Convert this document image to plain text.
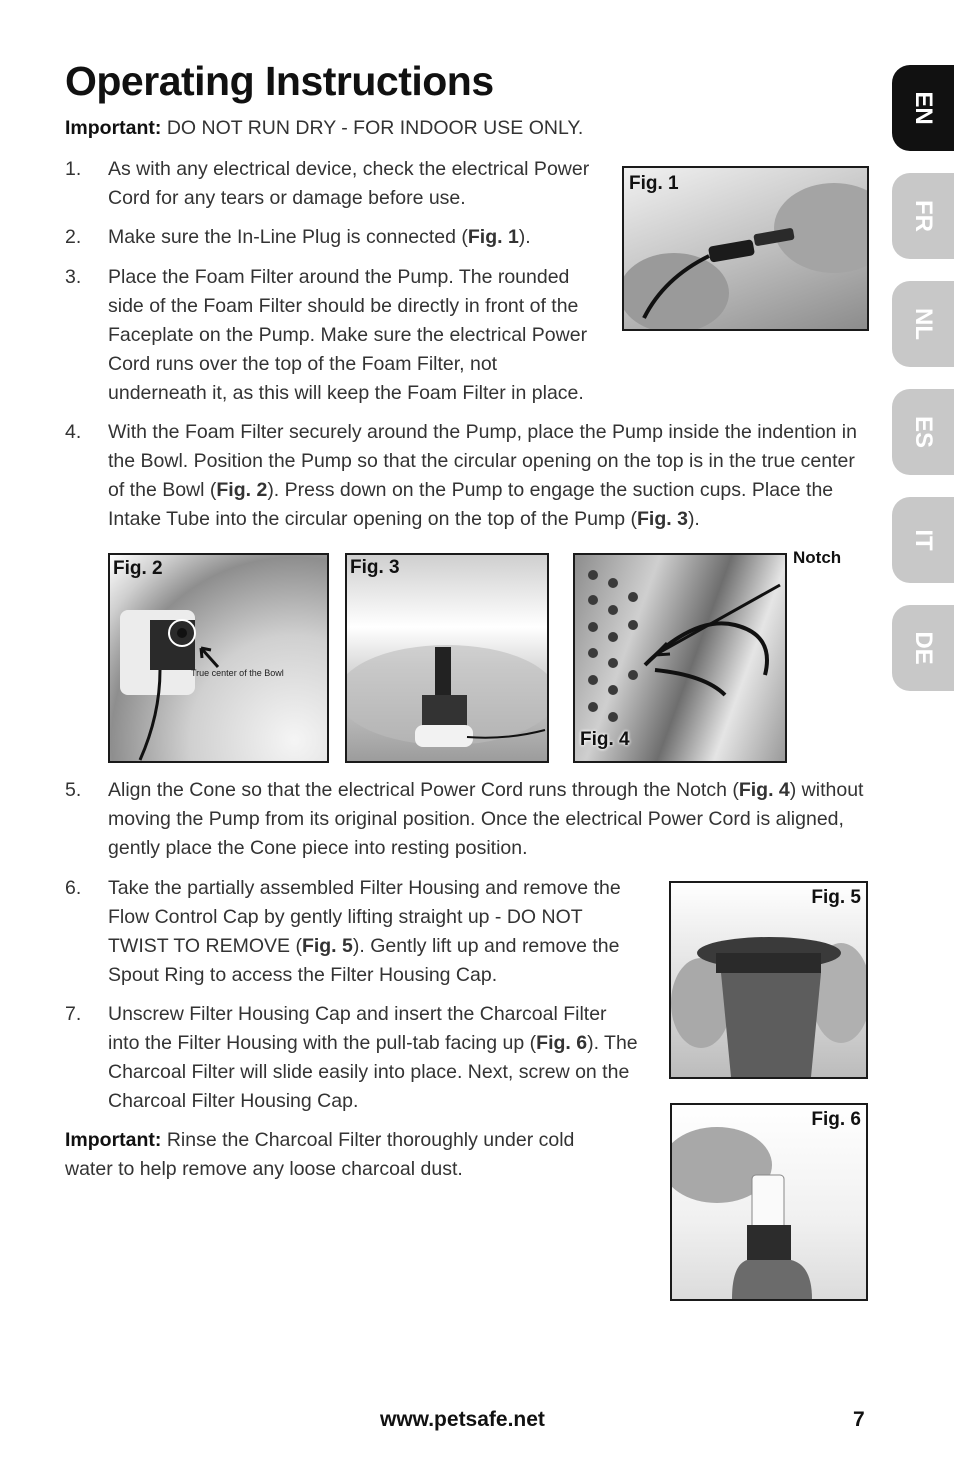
Operating Instructions
Important: DO NOT RUN DRY - FOR INDOOR USE ONLY.
1. As with any electrical device, check the electrical Power Cord for any tears or damage before use.
2. Make sure the In-Line Plug is connected (Fig. 1).
3. Place the Foam Filter around the Pump. The rounded side of the Foam Filter should be directly in front of the Faceplate on the Pump. Make sure the electrical Power Cord runs over the top of the Foam Filter, not underneath it, as this will keep the Foam Filter in place.
Fig. 1
4. With the Foam Filter securely around the Pump, place the Pump inside the indention in the Bowl. Position the Pump so that the circular opening on the top is in the true center of the Bowl (Fig. 2). Press down on the Pump to engage the suction cups. Place the Intake Tube into the circular opening on the top of the Pump (Fig. 3).
Fig. 2
True center of the Bowl
Fig. 3
Fig. 4
Notch
5. Align the Cone so that the electrical Power Cord runs through the Notch (Fig. 4) without moving the Pump from its original position. Once the electrical Power Cord is aligned, gently place the Cone piece into resting position.
6. Take the partially assembled Filter Housing and remove the Flow Control Cap by gently lifting straight up - DO NOT TWIST TO REMOVE (Fig. 5). Gently lift up and remove the Spout Ring to access the Filter Housing Cap.
7. Unscrew Filter Housing Cap and insert the Charcoal Filter into the Filter Housing with the pull-tab facing up (Fig. 6). The Charcoal Filter will slide easily into place. Next, screw on the Charcoal Filter Housing Cap.
Important: Rinse the Charcoal Filter thoroughly under cold water to help remove any loose charcoal dust.
Fig. 5
Fig. 6
EN
FR
NL
ES
IT
DE
www.petsafe.net	7
